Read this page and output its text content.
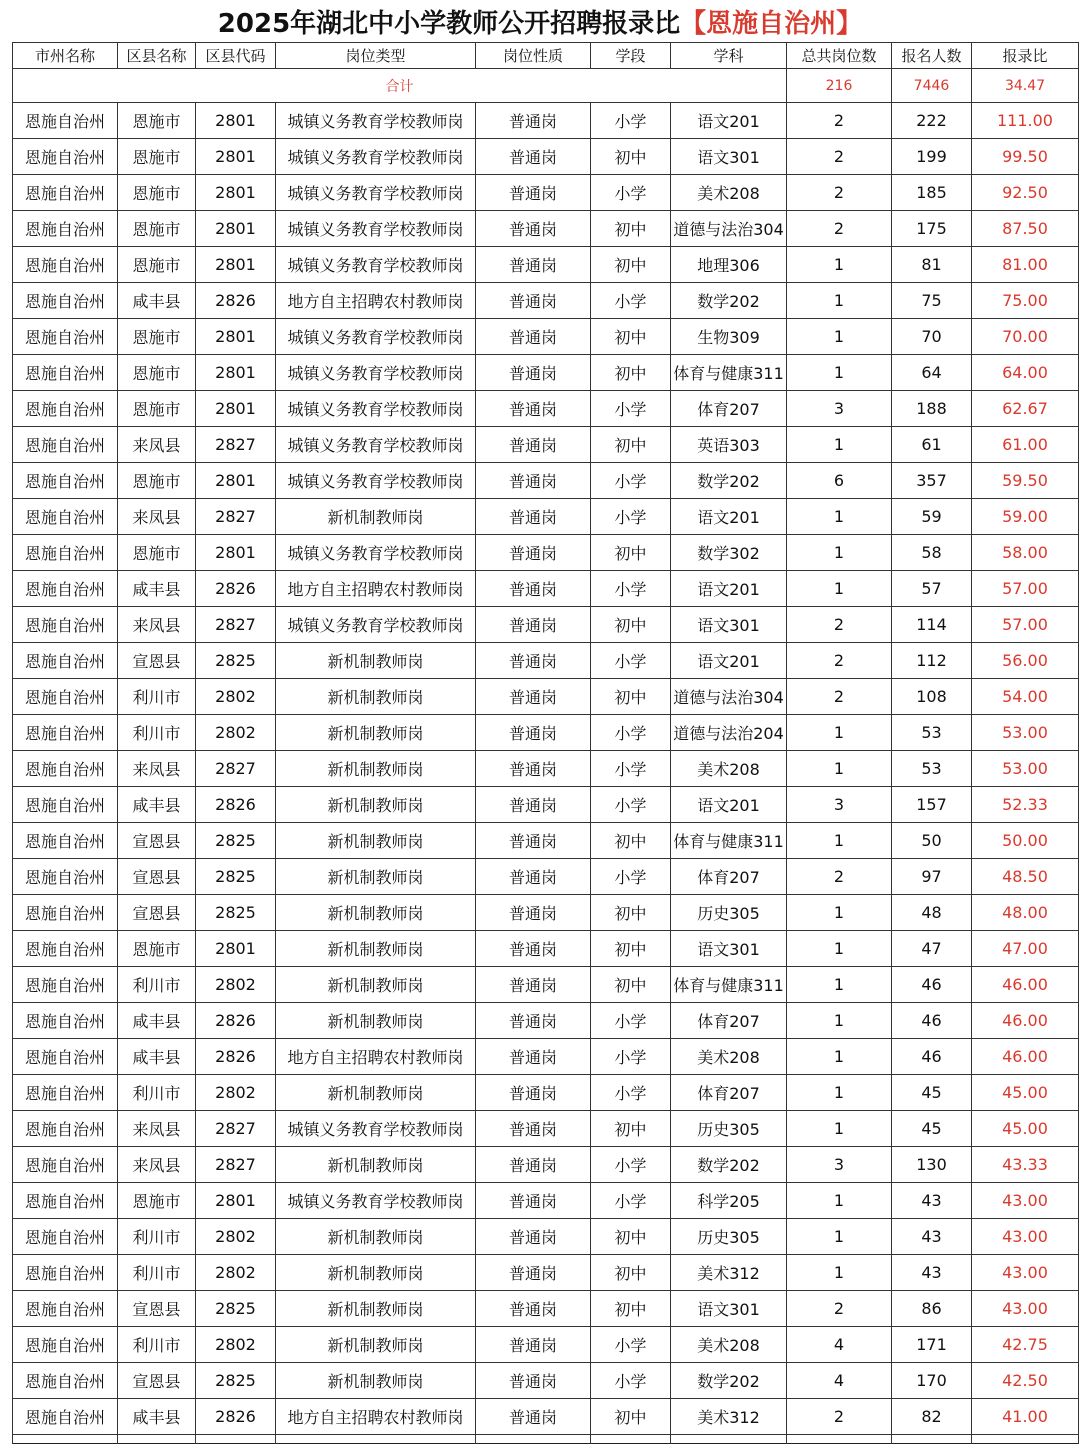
2025年湖北中小学教师公开招聘报录比【恩施自治州】
市州名称	区县名称	区县代码	岗位类型	岗位性质	学段	学科	总共岗位数	报名人数	报录比
合计							216	7446	34.47
恩施自治州	恩施市	2801	城镇义务教育学校教师岗	普通岗	小学	语文201	2	222	111.00
恩施自治州	恩施市	2801	城镇义务教育学校教师岗	普通岗	初中	语文301	2	199	99.50
恩施自治州	恩施市	2801	城镇义务教育学校教师岗	普通岗	小学	美术208	2	185	92.50
恩施自治州	恩施市	2801	城镇义务教育学校教师岗	普通岗	初中	道德与法治304	2	175	87.50
恩施自治州	恩施市	2801	城镇义务教育学校教师岗	普通岗	初中	地理306	1	81	81.00
恩施自治州	咸丰县	2826	地方自主招聘农村教师岗	普通岗	小学	数学202	1	75	75.00
恩施自治州	恩施市	2801	城镇义务教育学校教师岗	普通岗	初中	生物309	1	70	70.00
恩施自治州	恩施市	2801	城镇义务教育学校教师岗	普通岗	初中	体育与健康311	1	64	64.00
恩施自治州	恩施市	2801	城镇义务教育学校教师岗	普通岗	小学	体育207	3	188	62.67
恩施自治州	来凤县	2827	城镇义务教育学校教师岗	普通岗	初中	英语303	1	61	61.00
恩施自治州	恩施市	2801	城镇义务教育学校教师岗	普通岗	小学	数学202	6	357	59.50
恩施自治州	来凤县	2827	新机制教师岗	普通岗	小学	语文201	1	59	59.00
恩施自治州	恩施市	2801	城镇义务教育学校教师岗	普通岗	初中	数学302	1	58	58.00
恩施自治州	咸丰县	2826	地方自主招聘农村教师岗	普通岗	小学	语文201	1	57	57.00
恩施自治州	来凤县	2827	城镇义务教育学校教师岗	普通岗	初中	语文301	2	114	57.00
恩施自治州	宣恩县	2825	新机制教师岗	普通岗	小学	语文201	2	112	56.00
恩施自治州	利川市	2802	新机制教师岗	普通岗	初中	道德与法治304	2	108	54.00
恩施自治州	利川市	2802	新机制教师岗	普通岗	小学	道德与法治204	1	53	53.00
恩施自治州	来凤县	2827	新机制教师岗	普通岗	小学	美术208	1	53	53.00
恩施自治州	咸丰县	2826	新机制教师岗	普通岗	小学	语文201	3	157	52.33
恩施自治州	宣恩县	2825	新机制教师岗	普通岗	初中	体育与健康311	1	50	50.00
恩施自治州	宣恩县	2825	新机制教师岗	普通岗	小学	体育207	2	97	48.50
恩施自治州	宣恩县	2825	新机制教师岗	普通岗	初中	历史305	1	48	48.00
恩施自治州	恩施市	2801	新机制教师岗	普通岗	初中	语文301	1	47	47.00
恩施自治州	利川市	2802	新机制教师岗	普通岗	初中	体育与健康311	1	46	46.00
恩施自治州	咸丰县	2826	新机制教师岗	普通岗	小学	体育207	1	46	46.00
恩施自治州	咸丰县	2826	地方自主招聘农村教师岗	普通岗	小学	美术208	1	46	46.00
恩施自治州	利川市	2802	新机制教师岗	普通岗	小学	体育207	1	45	45.00
恩施自治州	来凤县	2827	城镇义务教育学校教师岗	普通岗	初中	历史305	1	45	45.00
恩施自治州	来凤县	2827	新机制教师岗	普通岗	小学	数学202	3	130	43.33
恩施自治州	恩施市	2801	城镇义务教育学校教师岗	普通岗	小学	科学205	1	43	43.00
恩施自治州	利川市	2802	新机制教师岗	普通岗	初中	历史305	1	43	43.00
恩施自治州	利川市	2802	新机制教师岗	普通岗	初中	美术312	1	43	43.00
恩施自治州	宣恩县	2825	新机制教师岗	普通岗	初中	语文301	2	86	43.00
恩施自治州	利川市	2802	新机制教师岗	普通岗	小学	美术208	4	171	42.75
恩施自治州	宣恩县	2825	新机制教师岗	普通岗	小学	数学202	4	170	42.50
恩施自治州	咸丰县	2826	地方自主招聘农村教师岗	普通岗	初中	美术312	2	82	41.00
